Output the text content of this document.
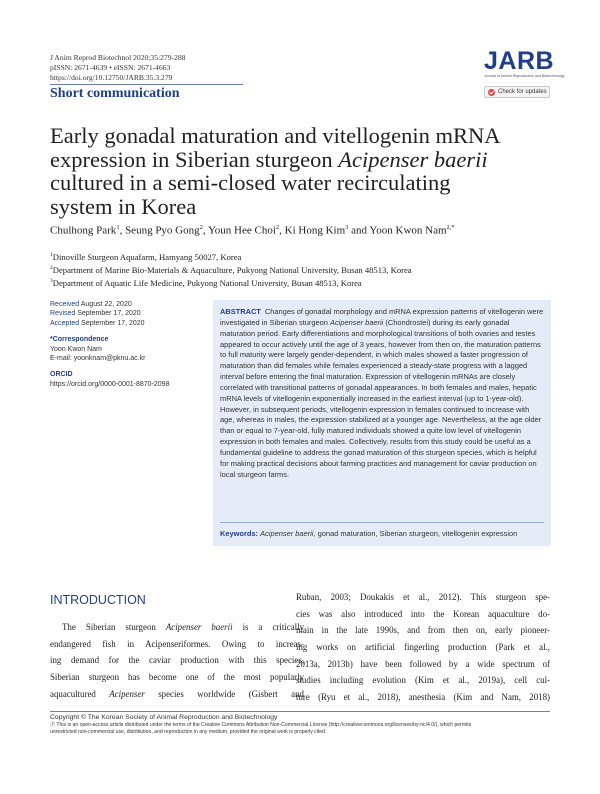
J Anim Reprod Biotechnol 2020;35:279-288
pISSN: 2671-4639 • eISSN: 2671-4663
https://doi.org/10.12750/JARB.35.3.279
Short communication
JARB
Journal of Animal Reproduction and Biotechnology
Check for updates
Early gonadal maturation and vitellogenin mRNA
expression in Siberian sturgeon Acipenser baerii
cultured in a semi-closed water recirculating
system in Korea
Chulhong Park$^1$, Seung Pyo Gong$^2$, Youn Hee Choi$^2$, Ki Hong Kim$^3$ and Yoon Kwon Nam$^{2,*}$
$^1$Dinoville Sturgeon Aquafarm, Hamyang 50027, Korea
$^2$Department of Marine Bio-Materials & Aquaculture, Pukyong National University, Busan 48513, Korea
$^3$Department of Aquatic Life Medicine, Pukyong National University, Busan 48513, Korea
Received August 22, 2020
Revised September 17, 2020
Accepted September 17, 2020
*Correspondence
Yoon Kwon Nam
E-mail: yoonknam@pknu.ac.kr
ORCID
https://orcid.org/0000-0001-8870-2098
ABSTRACT Changes of gonadal morphology and mRNA expression patterns of vitellogenin were investigated in Siberian sturgeon Acipenser baerii (Chondrostei) during its early gonadal maturation period. Early differentiations and morphological transitions of both ovaries and testes appeared to occur actively until the age of 3 years, however from then on, the maturation patterns to full maturity were largely gender-dependent, in which males showed a faster progression of maturation than did females while females experienced a steady-state progress with a lagged interval before entering the final maturation. Expression of vitellogenin mRNAs are closely correlated with transitional patterns of gonadal appearances. In both females and males, hepatic mRNA levels of vitellogenin exponentially increased in the earliest interval (up to 1-year-old). However, in subsequent periods, vitellogenin expression in females continued to increase with age, whereas in males, the expression stabilized at a younger age. Nevertheless, at the age older than or equal to 7-year-old, fully matured individuals showed a quite low level of vitellogenin expression in both females and males. Collectively, results from this study could be useful as a fundamental guideline to address the gonad maturation of this sturgeon species, which is helpful for making practical decisions about farming practices and management for caviar production on local sturgeon farms.
Keywords: Acipenser baerii, gonad maturation, Siberian sturgeon, vitellogenin expression
INTRODUCTION
The Siberian sturgeon Acipenser baerii is a critically
endangered fish in Acipenseriformes. Owing to increas-
ing demand for the caviar production with this species,
Siberian sturgeon has become one of the most popularly
aquacultured Acipenser species worldwide (Gisbert and
Ruban, 2003; Doukakis et al., 2012). This sturgeon spe-
cies was also introduced into the Korean aquaculture do-
main in the late 1990s, and from then on, early pioneer-
ing works on artificial fingerling production (Park et al.,
2013a, 2013b) have been followed by a wide spectrum of
studies including evolution (Kim et al., 2019a), cell cul-
ture (Ryu et al., 2018), anesthesia (Kim and Nam, 2018)
Copyright © The Korean Society of Animal Reproduction and Biotechnology
Ⓟ This is an open-access article distributed under the terms of the Creative Commons Attribution Non-Commercial License (http://creativecommons.org/licenses/by-nc/4.0/), which permits
unrestricted non-commercial use, distribution, and reproduction in any medium, provided the original work is properly cited.
